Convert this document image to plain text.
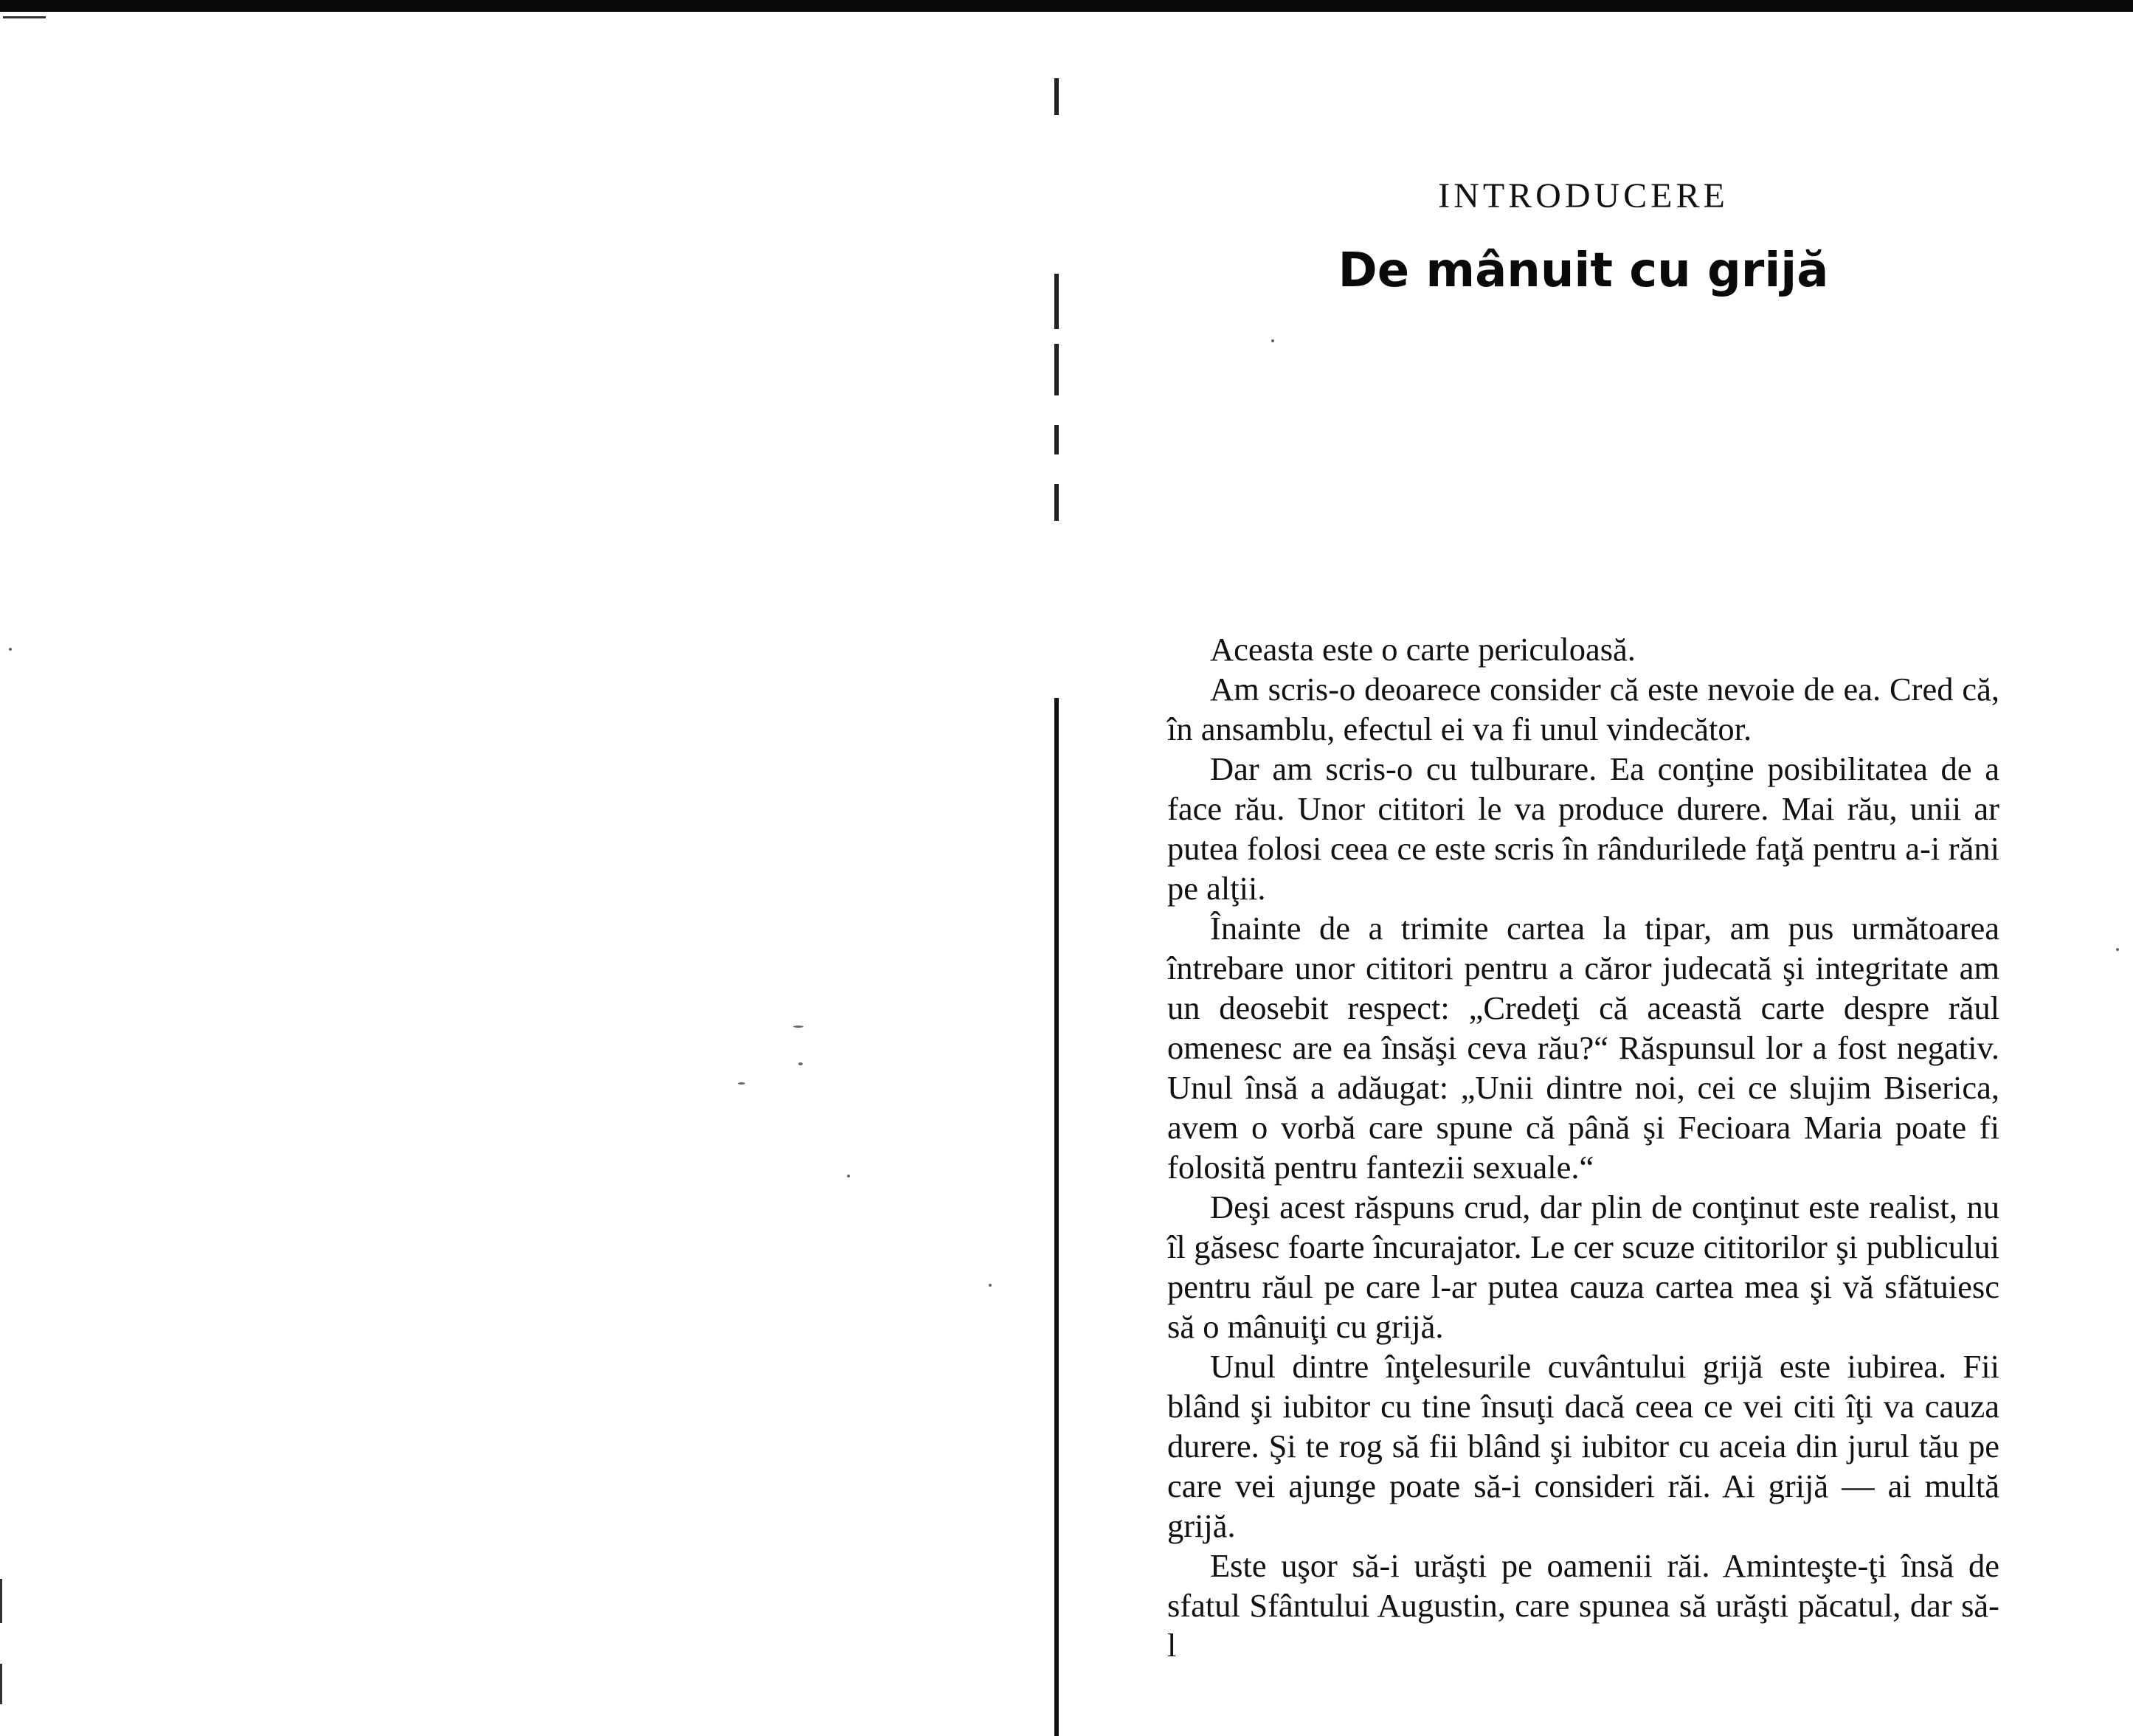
INTRODUCERE
De mânuit cu grijă

Aceasta este o carte periculoasă.

Am scris-o deoarece consider că este nevoie de ea. Cred că, în ansamblu, efectul ei va fi unul vindecător.

Dar am scris-o cu tulburare. Ea conţine posibilitatea de a face rău. Unor cititori le va produce durere. Mai rău, unii ar putea folosi ceea ce este scris în rândurilede faţă pentru a-i răni pe alţii.

Înainte de a trimite cartea la tipar, am pus următoarea întrebare unor cititori pentru a căror judecată şi integritate am un deosebit respect: „Credeţi că această carte despre răul omenesc are ea însăşi ceva rău?“ Răspunsul lor a fost negativ. Unul însă a adăugat: „Unii dintre noi, cei ce slujim Biserica, avem o vorbă care spune că până şi Fecioara Maria poate fi folosită pentru fantezii sexuale.“

Deşi acest răspuns crud, dar plin de conţinut este realist, nu îl găsesc foarte încurajator. Le cer scuze cititorilor şi publicului pentru răul pe care l-ar putea cauza cartea mea şi vă sfătuiesc să o mânuiţi cu grijă.

Unul dintre înţelesurile cuvântului grijă este iubirea. Fii blând şi iubitor cu tine însuţi dacă ceea ce vei citi îţi va cauza durere. Şi te rog să fii blând şi iubitor cu aceia din jurul tău pe care vei ajunge poate să-i consideri răi. Ai grijă — ai multă grijă.

Este uşor să-i urăşti pe oamenii răi. Aminteşte-ţi însă de sfatul Sfântului Augustin, care spunea să urăşti păcatul, dar să-l
